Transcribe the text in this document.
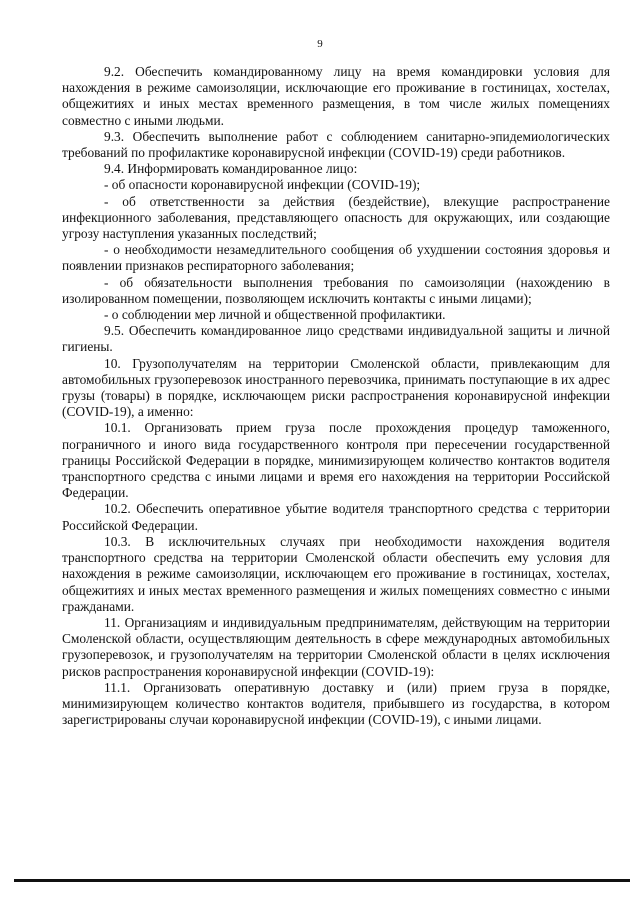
9

9.2. Обеспечить командированному лицу на время командировки условия для нахождения в режиме самоизоляции, исключающие его проживание в гостиницах, хостелах, общежитиях и иных местах временного размещения, в том числе жилых помещениях совместно с иными людьми.

9.3. Обеспечить выполнение работ с соблюдением санитарно-эпидемиологических требований по профилактике коронавирусной инфекции (COVID-19) среди работников.

9.4. Информировать командированное лицо:

- об опасности коронавирусной инфекции (COVID-19);

- об ответственности за действия (бездействие), влекущие распространение инфекционного заболевания, представляющего опасность для окружающих, или создающие угрозу наступления указанных последствий;

- о необходимости незамедлительного сообщения об ухудшении состояния здоровья и появлении признаков респираторного заболевания;

- об обязательности выполнения требования по самоизоляции (нахождению в изолированном помещении, позволяющем исключить контакты с иными лицами);

- о соблюдении мер личной и общественной профилактики.

9.5. Обеспечить командированное лицо средствами индивидуальной защиты и личной гигиены.

10. Грузополучателям на территории Смоленской области, привлекающим для автомобильных грузоперевозок иностранного перевозчика, принимать поступающие в их адрес грузы (товары) в порядке, исключающем риски распространения коронавирусной инфекции (COVID-19), а именно:

10.1. Организовать прием груза после прохождения процедур таможенного, пограничного и иного вида государственного контроля при пересечении государственной границы Российской Федерации в порядке, минимизирующем количество контактов водителя транспортного средства с иными лицами и время его нахождения на территории Российской Федерации.

10.2. Обеспечить оперативное убытие водителя транспортного средства с территории Российской Федерации.

10.3. В исключительных случаях при необходимости нахождения водителя транспортного средства на территории Смоленской области обеспечить ему условия для нахождения в режиме самоизоляции, исключающем его проживание в гостиницах, хостелах, общежитиях и иных местах временного размещения и жилых помещениях совместно с иными гражданами.

11. Организациям и индивидуальным предпринимателям, действующим на территории Смоленской области, осуществляющим деятельность в сфере международных автомобильных грузоперевозок, и грузополучателям на территории Смоленской области в целях исключения рисков распространения коронавирусной инфекции (COVID-19):

11.1. Организовать оперативную доставку и (или) прием груза в порядке, минимизирующем количество контактов водителя, прибывшего из государства, в котором зарегистрированы случаи коронавирусной инфекции (COVID-19), с иными лицами.
